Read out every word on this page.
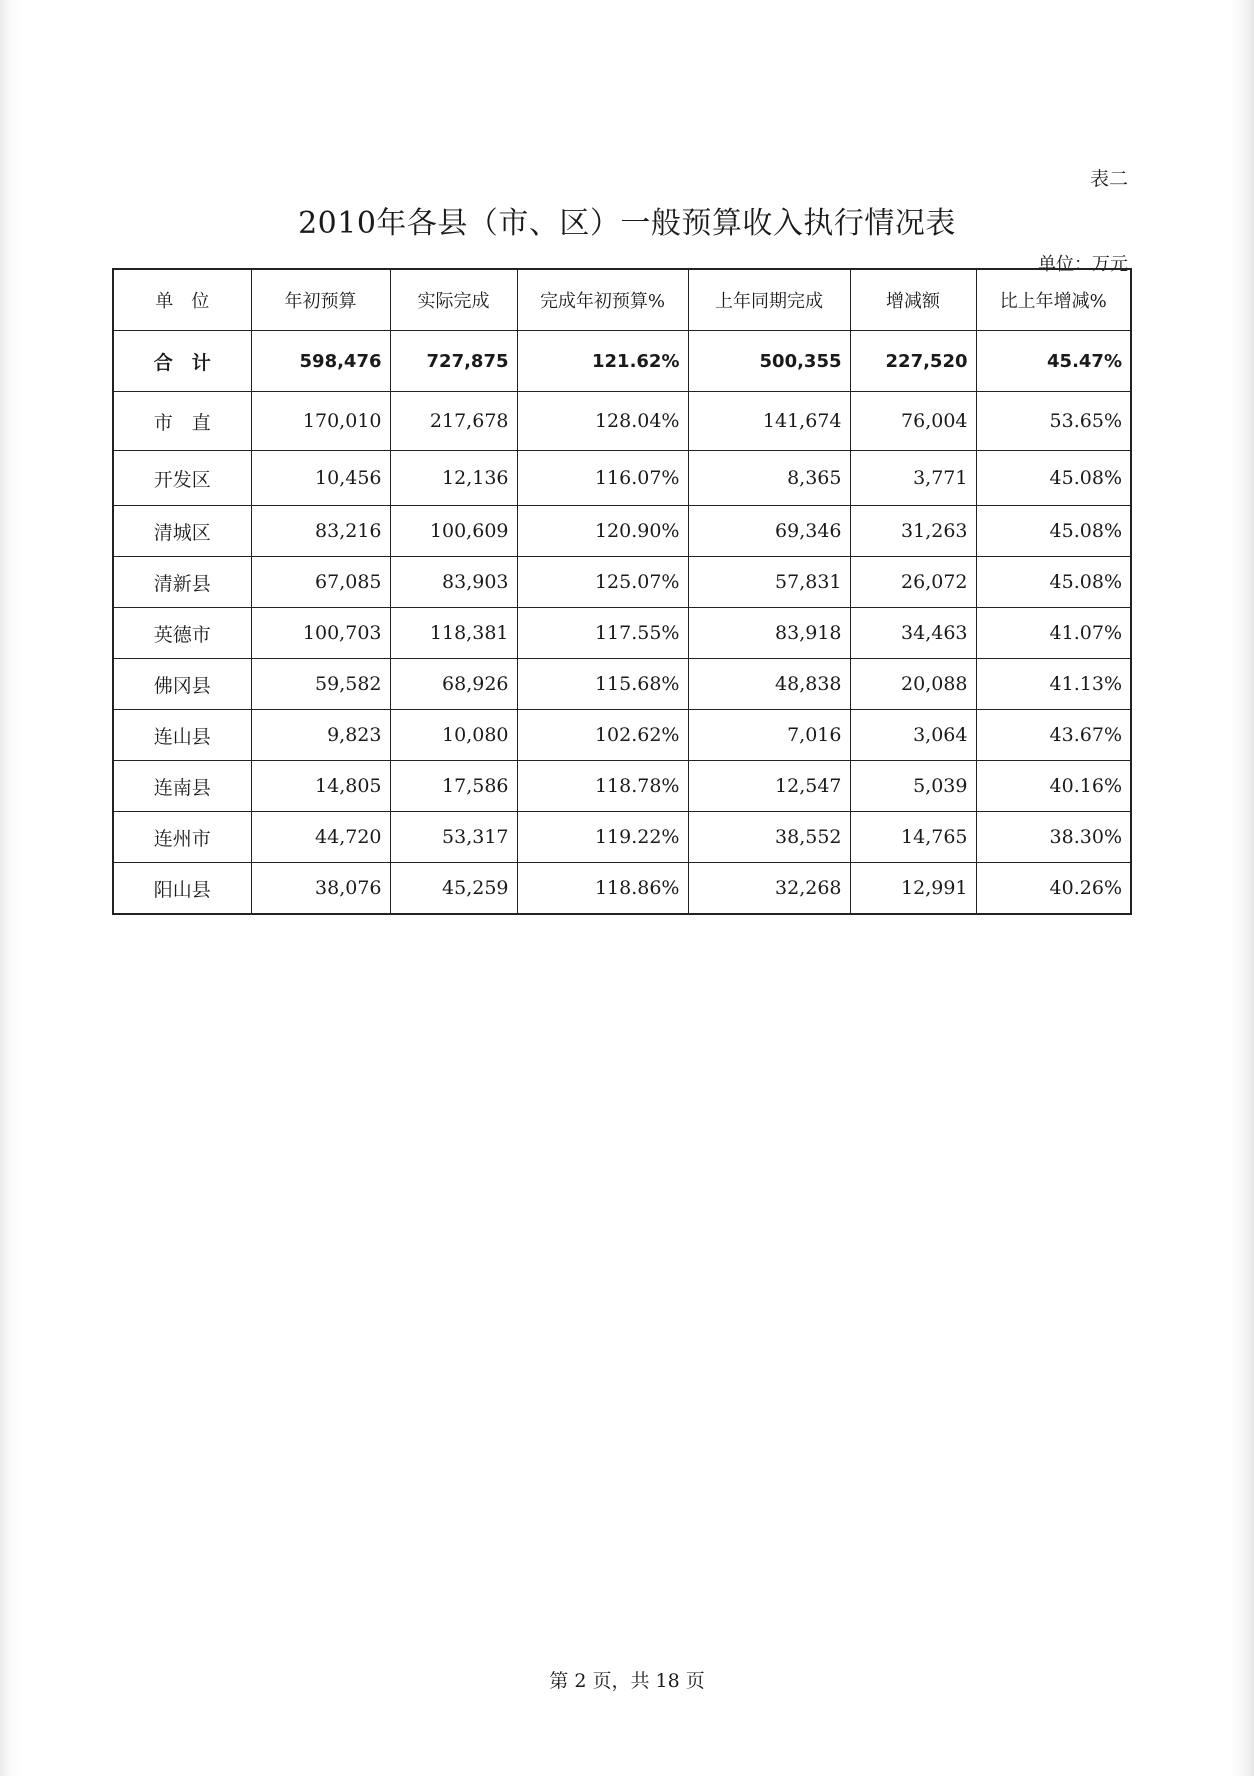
表二
2010年各县（市、区）一般预算收入执行情况表
单位：万元
单　位	年初预算	实际完成	完成年初预算%	上年同期完成	增减额	比上年增减%
合　计	598,476	727,875	121.62%	500,355	227,520	45.47%
市　直	170,010	217,678	128.04%	141,674	76,004	53.65%
开发区	10,456	12,136	116.07%	8,365	3,771	45.08%
清城区	83,216	100,609	120.90%	69,346	31,263	45.08%
清新县	67,085	83,903	125.07%	57,831	26,072	45.08%
英德市	100,703	118,381	117.55%	83,918	34,463	41.07%
佛冈县	59,582	68,926	115.68%	48,838	20,088	41.13%
连山县	9,823	10,080	102.62%	7,016	3,064	43.67%
连南县	14,805	17,586	118.78%	12,547	5,039	40.16%
连州市	44,720	53,317	119.22%	38,552	14,765	38.30%
阳山县	38,076	45,259	118.86%	32,268	12,991	40.26%
第 2 页，共 18 页
